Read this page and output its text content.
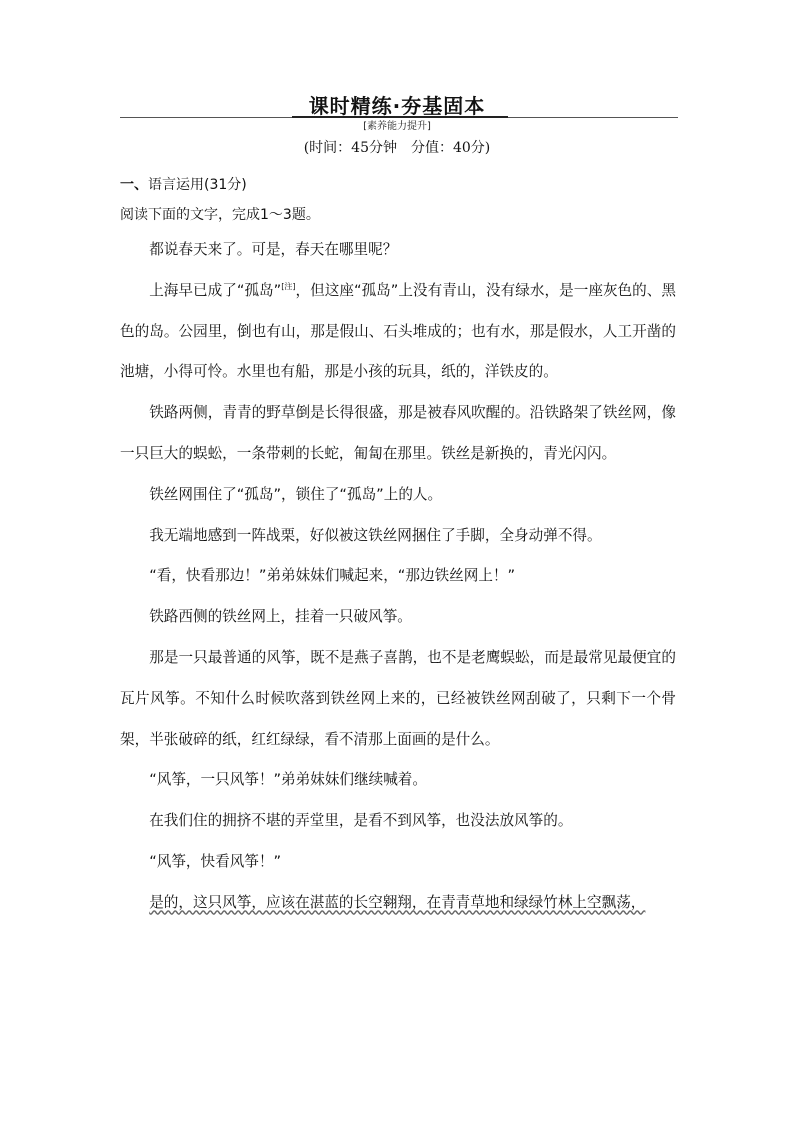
课时精练·夯基固本
[素养能力提升]
(时间：45分钟　分值：40分)
一、语言运用(31分)
阅读下面的文字，完成1～3题。

都说春天来了。可是，春天在哪里呢？

上海早已成了“孤岛”[注]，但这座“孤岛”上没有青山，没有绿水，是一座灰色的、黑色的岛。公园里，倒也有山，那是假山、石头堆成的；也有水，那是假水，人工开凿的池塘，小得可怜。水里也有船，那是小孩的玩具，纸的，洋铁皮的。

铁路两侧，青青的野草倒是长得很盛，那是被春风吹醒的。沿铁路架了铁丝网，像一只巨大的蜈蚣，一条带刺的长蛇，匍匐在那里。铁丝是新换的，青光闪闪。

铁丝网围住了“孤岛”，锁住了“孤岛”上的人。

我无端地感到一阵战栗，好似被这铁丝网捆住了手脚，全身动弹不得。

“看，快看那边！”弟弟妹妹们喊起来，“那边铁丝网上！”

铁路西侧的铁丝网上，挂着一只破风筝。

那是一只最普通的风筝，既不是燕子喜鹊，也不是老鹰蜈蚣，而是最常见最便宜的瓦片风筝。不知什么时候吹落到铁丝网上来的，已经被铁丝网刮破了，只剩下一个骨架，半张破碎的纸，红红绿绿，看不清那上面画的是什么。

“风筝，一只风筝！”弟弟妹妹们继续喊着。

在我们住的拥挤不堪的弄堂里，是看不到风筝，也没法放风筝的。

“风筝，快看风筝！”

是的，这只风筝，应该在湛蓝的长空翱翔，在青青草地和绿绿竹林上空飘荡，
